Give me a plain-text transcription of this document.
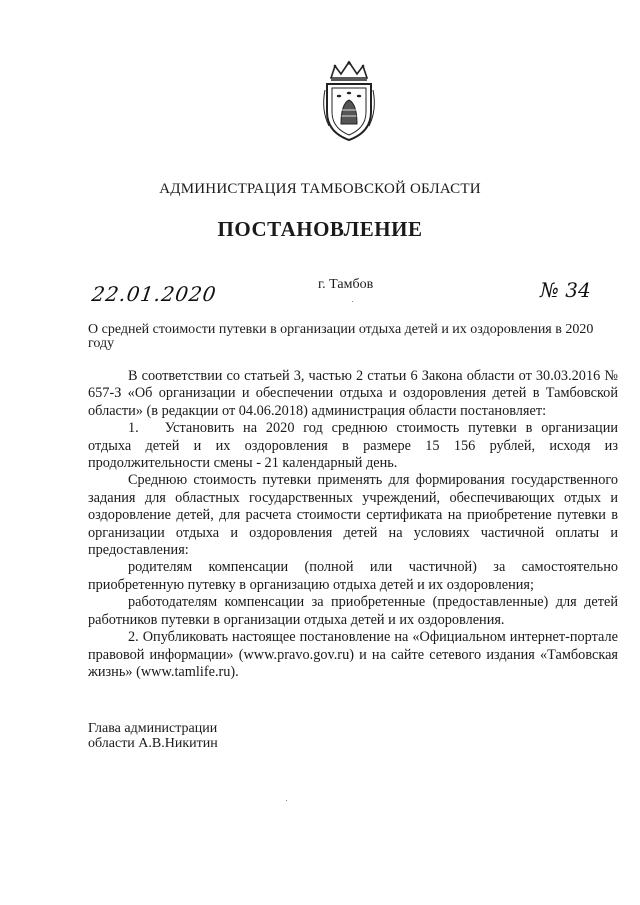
АДМИНИСТРАЦИЯ ТАМБОВСКОЙ ОБЛАСТИ
ПОСТАНОВЛЕНИЕ
22.01.2020	г. Тамбов	№ 34
О средней стоимости путевки в организации отдыха детей и их оздоровления в 2020 году

В соответствии со статьей 3, частью 2 статьи 6 Закона области от 30.03.2016 № 657-З «Об организации и обеспечении отдыха и оздоровления детей в Тамбовской области» (в редакции от 04.06.2018) администрация области постановляет:

1. Установить на 2020 год среднюю стоимость путевки в организации отдыха детей и их оздоровления в размере 15 156 рублей, исходя из продолжительности смены - 21 календарный день.

Среднюю стоимость путевки применять для формирования государственного задания для областных государственных учреждений, обеспечивающих отдых и оздоровление детей, для расчета стоимости сертификата на приобретение путевки в организации отдыха и оздоровления детей на условиях частичной оплаты и предоставления:

родителям компенсации (полной или частичной) за самостоятельно приобретенную путевку в организацию отдыха детей и их оздоровления;

работодателям компенсации за приобретенные (предоставленные) для детей работников путевки в организации отдыха детей и их оздоровления.

2. Опубликовать настоящее постановление на «Официальном интернет-портале правовой информации» (www.pravo.gov.ru) и на сайте сетевого издания «Тамбовская жизнь» (www.tamlife.ru).

Глава администрации
области А.В.Никитин
